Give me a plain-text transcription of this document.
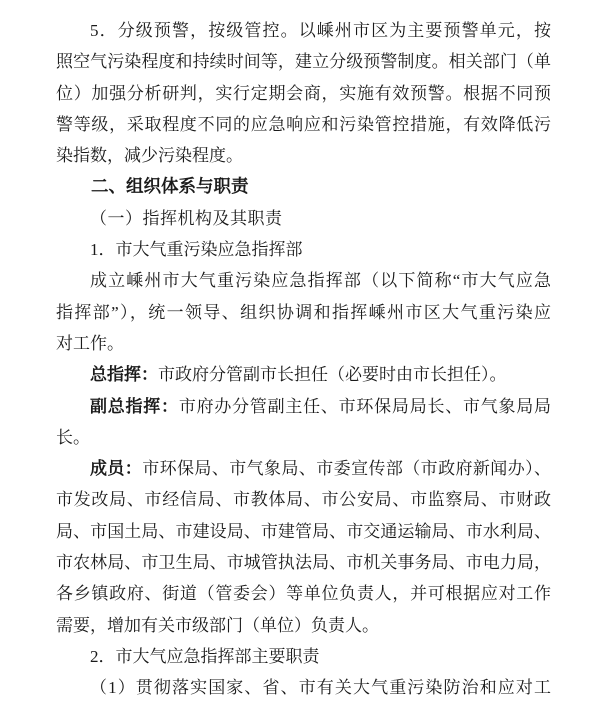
5．分级预警，按级管控。以嵊州市区为主要预警单元，按
照空气污染程度和持续时间等，建立分级预警制度。相关部门（单
位）加强分析研判，实行定期会商，实施有效预警。根据不同预
警等级，采取程度不同的应急响应和污染管控措施，有效降低污
染指数，减少污染程度。
二、组织体系与职责
（一）指挥机构及其职责
1．市大气重污染应急指挥部
成立嵊州市大气重污染应急指挥部（以下简称“市大气应急
指挥部”），统一领导、组织协调和指挥嵊州市区大气重污染应
对工作。
总指挥：市政府分管副市长担任（必要时由市长担任）。
副总指挥：市府办分管副主任、市环保局局长、市气象局局
长。
成员：市环保局、市气象局、市委宣传部（市政府新闻办）、
市发改局、市经信局、市教体局、市公安局、市监察局、市财政
局、市国土局、市建设局、市建管局、市交通运输局、市水利局、
市农林局、市卫生局、市城管执法局、市机关事务局、市电力局，
各乡镇政府、街道（管委会）等单位负责人，并可根据应对工作
需要，增加有关市级部门（单位）负责人。
2．市大气应急指挥部主要职责
（1）贯彻落实国家、省、市有关大气重污染防治和应对工
